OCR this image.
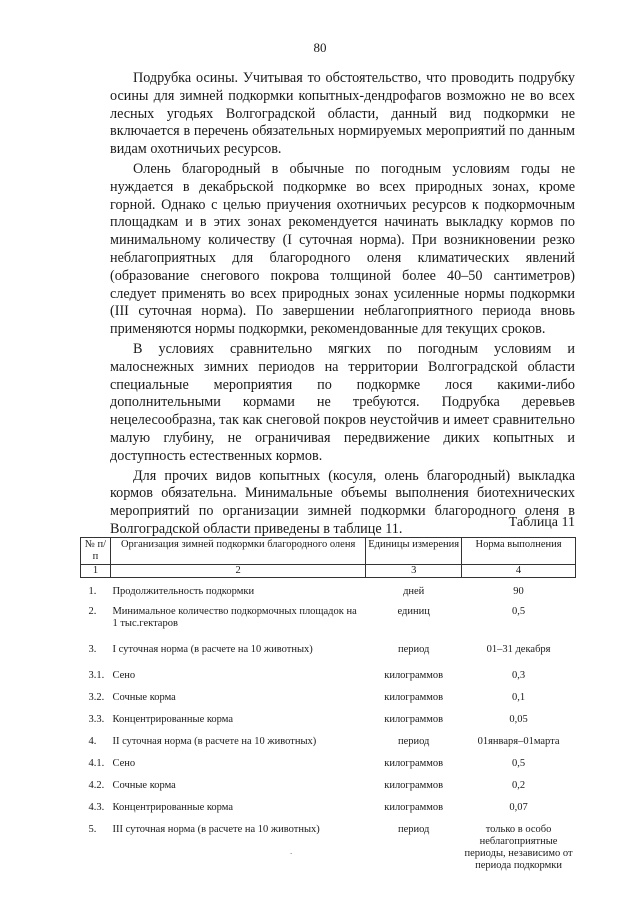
80

Подрубка осины. Учитывая то обстоятельство, что проводить подрубку осины для зимней подкормки копытных-дендрофагов возможно не во всех лесных угодьях Волгоградской области, данный вид подкормки не включается в перечень обязательных нормируемых мероприятий по данным видам охотничьих ресурсов.

Олень благородный в обычные по погодным условиям годы не нуждается в декабрьской подкормке во всех природных зонах, кроме горной. Однако с целью приучения охотничьих ресурсов к подкормочным площадкам и в этих зонах рекомендуется начинать выкладку кормов по минимальному количеству (I суточная норма). При возникновении резко неблагоприятных для благородного оленя климатических явлений (образование снегового покрова толщиной более 40–50 сантиметров) следует применять во всех природных зонах усиленные нормы подкормки (III суточная норма). По завершении неблагоприятного периода вновь применяются нормы подкормки, рекомендованные для текущих сроков.

В условиях сравнительно мягких по погодным условиям и малоснежных зимних периодов на территории Волгоградской области специальные мероприятия по подкормке лося какими-либо дополнительными кормами не требуются. Подрубка деревьев нецелесообразна, так как снеговой покров неустойчив и имеет сравнительно малую глубину, не ограничивая передвижение диких копытных и доступность естественных кормов.

Для прочих видов копытных (косуля, олень благородный) выкладка кормов обязательна. Минимальные объемы выполнения биотехнических мероприятий по организации зимней подкормки благородного оленя в Волгоградской области приведены в таблице 11.	Таблица 11
№ п/п	Организация зимней подкормки благородного оленя	Единицы измерения	Норма выполнения
1	2	3	4
1.	Продолжительность подкормки	дней	90
2.	Минимальное количество подкормочных площадок на 1 тыс.гектаров	единиц	0,5
3.	I суточная норма (в расчете на 10 животных)	период	01–31 декабря
3.1.	Сено	килограммов	0,3
3.2.	Сочные корма	килограммов	0,1
3.3.	Концентрированные корма	килограммов	0,05
4.	II суточная норма (в расчете на 10 животных)	период	01января–01марта
4.1.	Сено	килограммов	0,5
4.2.	Сочные корма	килограммов	0,2
4.3.	Концентрированные корма	килограммов	0,07
5.	III суточная норма (в расчете на 10 животных)	период	только в особо неблагоприятные периоды, независимо от периода подкормки
.
